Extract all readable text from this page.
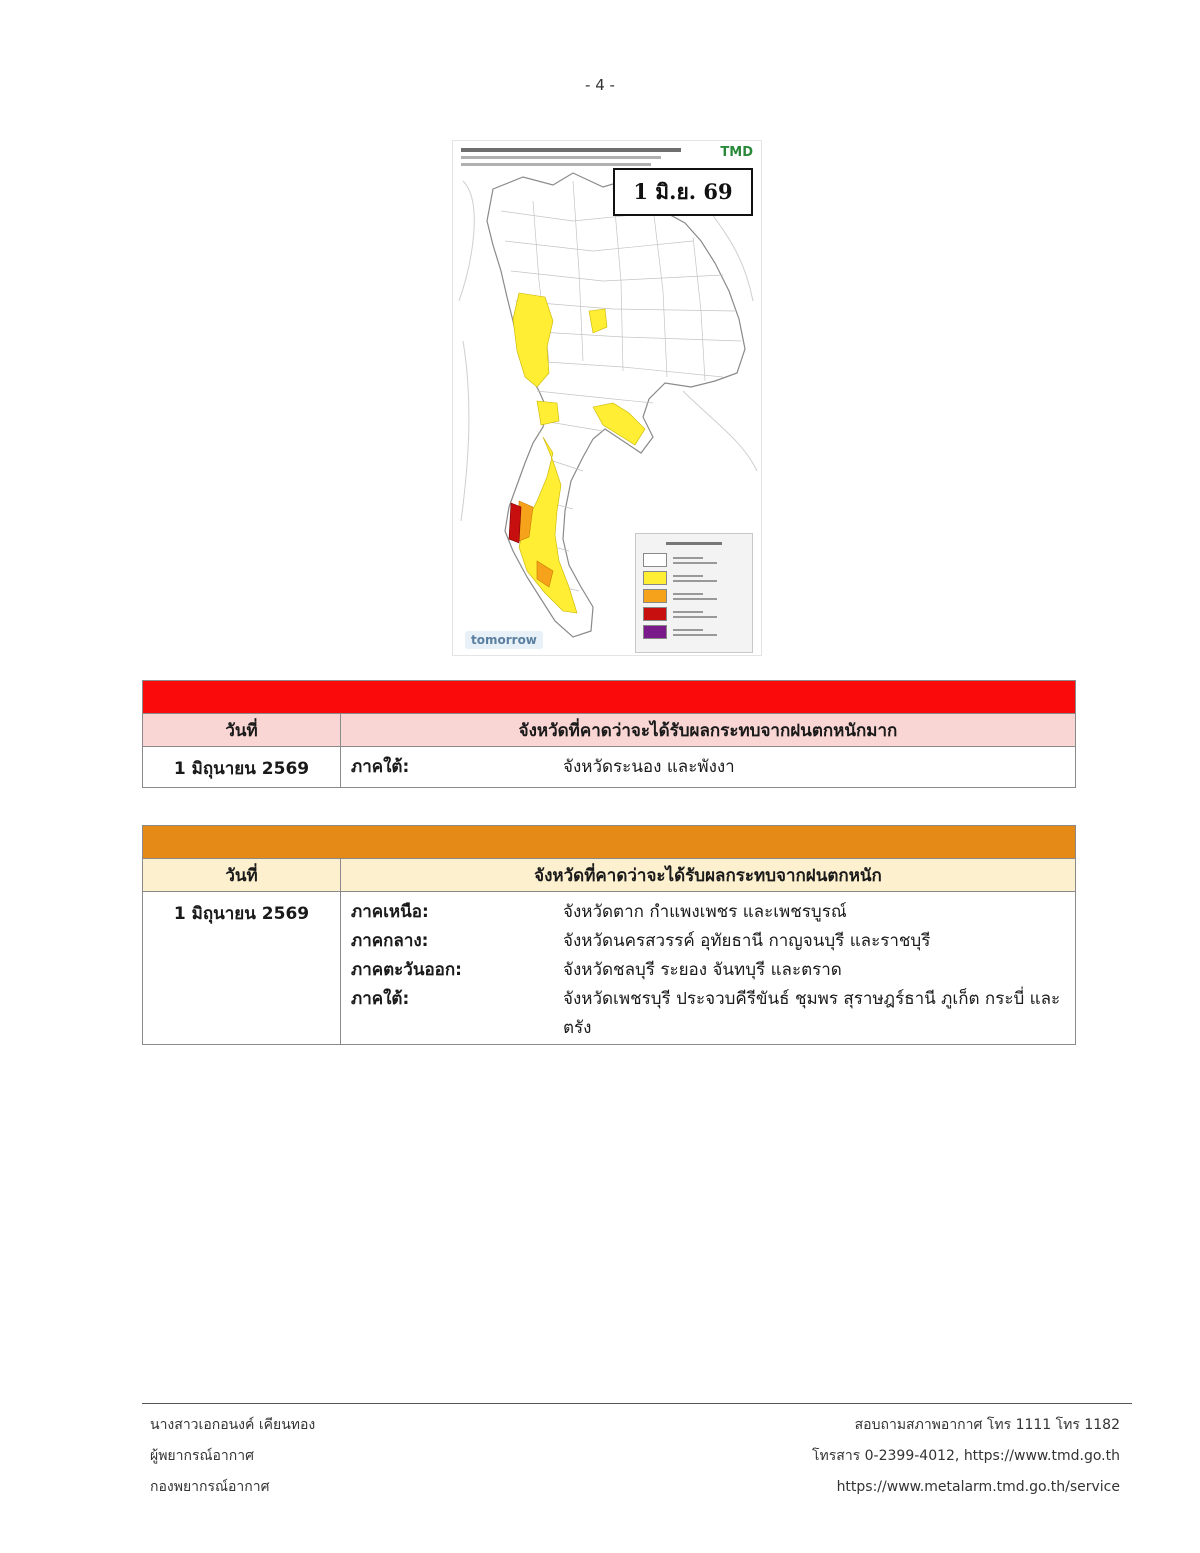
- 4 -
TMD
1 มิ.ย. 69
tomorrow
วันที่	จังหวัดที่คาดว่าจะได้รับผลกระทบจากฝนตกหนักมาก
1 มิถุนายน 2569	ภาคใต้:	จังหวัดระนอง และพังงา
วันที่	จังหวัดที่คาดว่าจะได้รับผลกระทบจากฝนตกหนัก
1 มิถุนายน 2569	ภาคเหนือ:	จังหวัดตาก กำแพงเพชร และเพชรบูรณ์
ภาคกลาง:	จังหวัดนครสวรรค์ อุทัยธานี กาญจนบุรี และราชบุรี
ภาคตะวันออก:	จังหวัดชลบุรี ระยอง จันทบุรี และตราด
ภาคใต้:	จังหวัดเพชรบุรี ประจวบคีรีขันธ์ ชุมพร สุราษฎร์ธานี ภูเก็ต กระบี่ และตรัง
นางสาวเอกอนงค์ เคียนทอง
ผู้พยากรณ์อากาศ
กองพยากรณ์อากาศ
สอบถามสภาพอากาศ โทร 1111 โทร 1182
โทรสาร 0-2399-4012, https://www.tmd.go.th
https://www.metalarm.tmd.go.th/service
